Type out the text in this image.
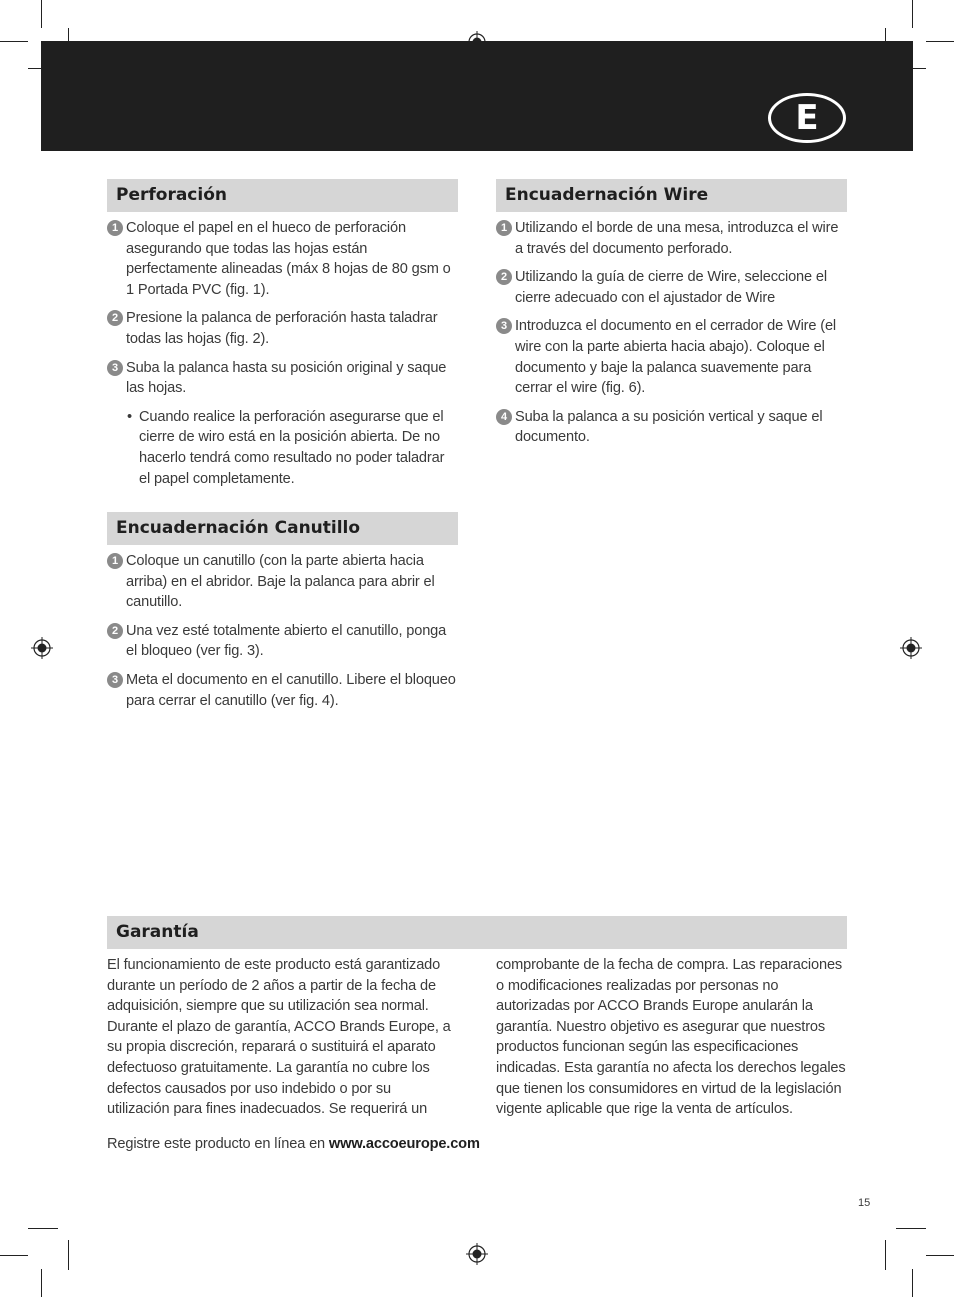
E
Perforación
1 Coloque el papel en el hueco de perforación asegurando que todas las hojas están perfectamente alineadas (máx 8 hojas de 80 gsm o 1 Portada PVC (fig. 1).
2 Presione la palanca de perforación hasta taladrar todas las hojas (fig. 2).
3 Suba la palanca hasta su posición original y saque las hojas.
• Cuando realice la perforación asegurarse que el cierre de wiro está en la posición abierta. De no hacerlo tendrá como resultado no poder taladrar el papel completamente.
Encuadernación Canutillo
1 Coloque un canutillo (con la parte abierta hacia arriba) en el abridor. Baje la palanca para abrir el canutillo.
2 Una vez esté totalmente abierto el canutillo, ponga el bloqueo (ver fig. 3).
3 Meta el documento en el canutillo. Libere el bloqueo para cerrar el canutillo (ver fig. 4).
Encuadernación Wire
1 Utilizando el borde de una mesa, introduzca el wire a través del documento perforado.
2 Utilizando la guía de cierre de Wire, seleccione el cierre adecuado con el ajustador de Wire
3 Introduzca el documento en el cerrador de Wire (el wire con la parte abierta hacia abajo). Coloque el documento y baje la palanca suavemente para cerrar el wire (fig. 6).
4 Suba la palanca a su posición vertical y saque el documento.
Garantía

El funcionamiento de este producto está garantizado durante un período de 2 años a partir de la fecha de adquisición, siempre que su utilización sea normal. Durante el plazo de garantía, ACCO Brands Europe, a su propia discreción, reparará o sustituirá el aparato defectuoso gratuitamente. La garantía no cubre los defectos causados por uso indebido o por su utilización para fines inadecuados. Se requerirá un

comprobante de la fecha de compra. Las reparaciones o modificaciones realizadas por personas no autorizadas por ACCO Brands Europe anularán la garantía. Nuestro objetivo es asegurar que nuestros productos funcionan según las especificaciones indicadas. Esta garantía no afecta los derechos legales que tienen los consumidores en virtud de la legislación vigente aplicable que rige la venta de artículos.

Registre este producto en línea en www.accoeurope.com

15
